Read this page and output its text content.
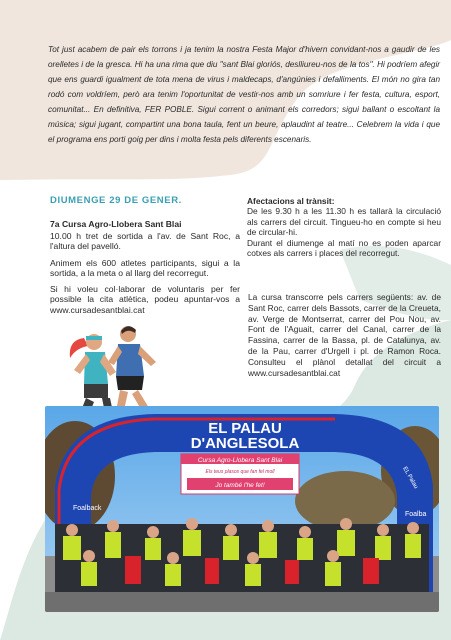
Tot just acabem de pair els torrons i ja tenim la nostra Festa Major d'hivern convidant-nos a gaudir de les orelletes i de la gresca. Hi ha una rima que diu "sant Blai gloriós, deslliureu-nos de la tos". Hi podríem afegir que ens guardi igualment de tota mena de virus i maldecaps, d'angúnies i defalliments. El món no gira tan rodó com voldríem, però ara tenim l'oportunitat de vestir-nos amb un somriure i fer festa, cultura, esport, comunitat... En definitiva, FER POBLE. Sigui corrent o animant els corredors; sigui ballant o escoltant la música; sigui jugant, compartint una bona taula, fent un beure, aplaudint al teatre... Celebrem la vida i que el programa ens porti goig per dins i molta festa pels diferents escenaris.

DIUMENGE 29 DE GENER.
7a Cursa Agro-Llobera Sant Blai

10.00 h tret de sortida a l'av. de Sant Roc, a l'altura del pavelló.

Animem els 600 atletes participants, sigui a la sortida, a la meta o al llarg del recorregut.

Si hi voleu col·laborar de voluntaris per fer possible la cita atlètica, podeu apuntar-vos a www.cursadesantblai.cat

Afectacions al trànsit:

De les 9.30 h a les 11.30 h es tallarà la circulació als carrers del circuit. Tingueu-ho en compte si heu de circular-hi.

Durant el diumenge al matí no es poden aparcar cotxes als carrers i places del recorregut.

La cursa transcorre pels carrers següents: av. de Sant Roc, carrer dels Bassots, carrer de la Creueta, av. Verge de Montserrat, carrer del Pou Nou, av. Font de l'Aguait, carrer del Canal, carrer de la Fassina, carrer de la Bassa, pl. de Catalunya, av. de la Pau, carrer d'Urgell i pl. de Ramon Roca. Consulteu el plànol detallat del circuit a www.cursadesantblai.cat

EL PALAU
D'ANGLESOLA
Foalback
Foalba
EL Palau
Cursa Agro-Llobera Sant Blai
Els teus plasos que fan fel moll
Jo també l'he fet!
